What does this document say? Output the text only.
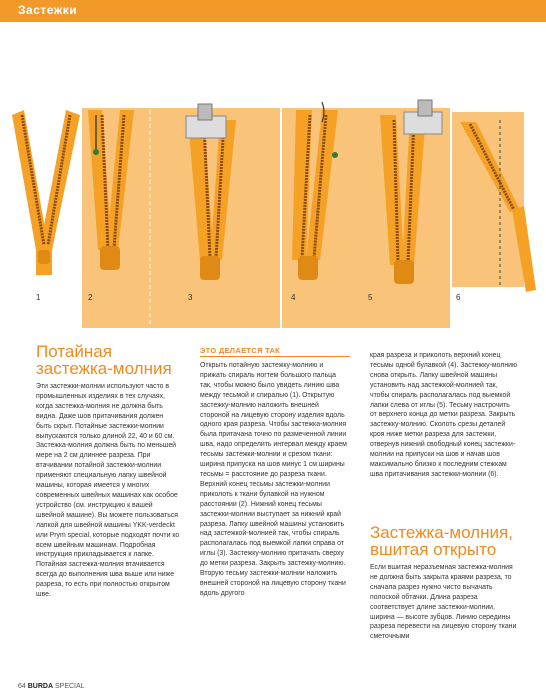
Застежки
1	2	3	4	5	6
Потайная
застежка-молния

Эти застежки-молнии используют часто в промышленных изделиях в тех случаях, когда застежка-молния не должна быть видна. Даже шов притачивания должен быть скрыт. Потайные застежки-молнии выпускаются только длиной 22, 40 и 60 см. Застежка-молния должна быть по меньшей мере на 2 см длиннее разреза. При втачивании потайной застежки-молнии применяют специальную лапку швейной машины, которая имеется у многих современных швейных машинах как особое устройство (см. инструкцию к вашей швейной машине). Вы можете пользоваться лапкой для швейной машины YKK-verdeckt или Prym special, которые подходят почти ко всем швейным машинам. Подробная инструкция прикладывается к лапке. Потайная застежка-молния втачивается всегда до выполнения шва выше или ниже разреза, то есть при полностью открытом шве.

ЭТО ДЕЛАЕТСЯ ТАК

Открыть потайную застежку-молнию и прижать спираль ногтем большого пальца так, чтобы можно было увидеть линию шва между тесьмой и спиралью (1). Открытую застежку-молнию наложить внешней стороной на лицевую сторону изделия вдоль одного края разреза. Чтобы застежка-молния была притачана точно по размеченной линии шва, надо определить интервал между краем тесьмы застежки-молнии и срезом ткани: ширина припуска на шов минус 1 см ширины тесьмы = расстояние до разреза ткани. Верхний конец тесьмы застежки-молнии приколоть к ткани булавкой на нужном расстоянии (2). Нижний конец тесьмы застежки-молнии выступает за нижний край разреза. Лапку швейной машины установить над застежкой-молнией так, чтобы спираль располагалась под выемкой лапки справа от иглы (3). Застежку-молнию притачать сверху до метки разреза. Закрыть застежку-молнию. Вторую тесьму застежки-молнии наложить внешней стороной на лицевую сторону ткани вдоль другого

края разреза и приколоть верхний конец тесьмы одной булавкой (4). Застежку-молнию снова открыть. Лапку швейной машины установить над застежкой-молнией так, чтобы спираль располагалась под выемкой лапки слева от иглы (5). Тесьму настрочить от верхнего конца до метки разреза. Закрыть застежку-молнию. Сколоть срезы деталей кроя ниже метки разреза для застежки, отвернув нижний свободный конец застежки-молнии на припуски на шов и начав шов максимально близко к последним стежкам шва притачивания застежки-молнии (6).

Застежка-молния,
вшитая открыто

Если вшитая неразъемная застежка-молния не должна быть закрыта краями разреза, то сначала разрез нужно чисто вычачать полоской обтачки. Длина разреза соответствует длине застежки-молнии, ширина — высоте зубцов. Линию середины разреза перевести на лицевую сторону ткани сметочными

64 BURDA SPECIAL
